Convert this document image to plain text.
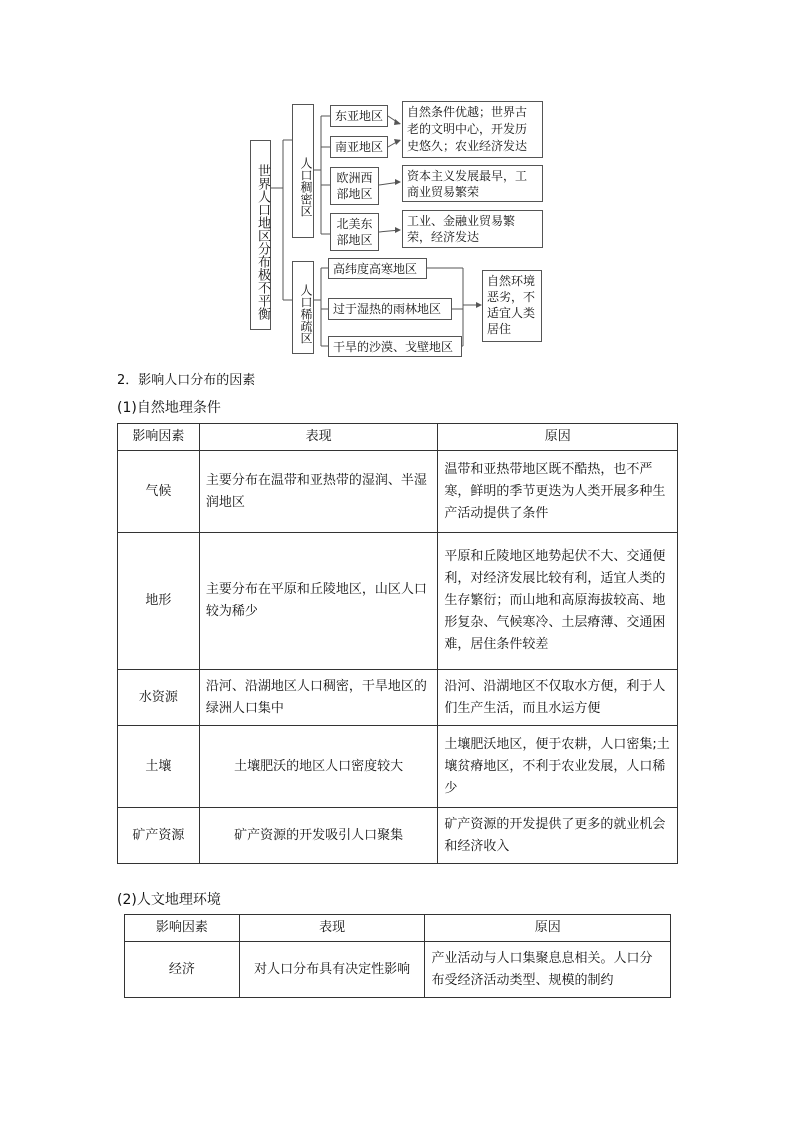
世界人口地区分布极不平衡	人口稠密区
人口稀疏区
东亚地区
南亚地区
欧洲西部地区
北美东部地区
自然条件优越；世界古老的文明中心，开发历史悠久；农业经济发达
资本主义发展最早，工商业贸易繁荣
工业、金融业贸易繁荣，经济发达
高纬度高寒地区
过于湿热的雨林地区
干旱的沙漠、戈壁地区
自然环境恶劣，不适宜人类居住
2．影响人口分布的因素
(1)自然地理条件
影响因素	表现	原因
气候	主要分布在温带和亚热带的湿润、半湿润地区	温带和亚热带地区既不酷热，也不严寒，鲜明的季节更迭为人类开展多种生产活动提供了条件
地形	主要分布在平原和丘陵地区，山区人口较为稀少	平原和丘陵地区地势起伏不大、交通便利，对经济发展比较有利，适宜人类的生存繁衍；而山地和高原海拔较高、地形复杂、气候寒冷、土层瘠薄、交通困难，居住条件较差
水资源	沿河、沿湖地区人口稠密，干旱地区的绿洲人口集中	沿河、沿湖地区不仅取水方便，利于人们生产生活，而且水运方便
土壤	土壤肥沃的地区人口密度较大	土壤肥沃地区，便于农耕，人口密集;土壤贫瘠地区，不利于农业发展，人口稀少
矿产资源	矿产资源的开发吸引人口聚集	矿产资源的开发提供了更多的就业机会和经济收入
(2)人文地理环境
影响因素	表现	原因
经济	对人口分布具有决定性影响	产业活动与人口集聚息息相关。人口分布受经济活动类型、规模的制约
